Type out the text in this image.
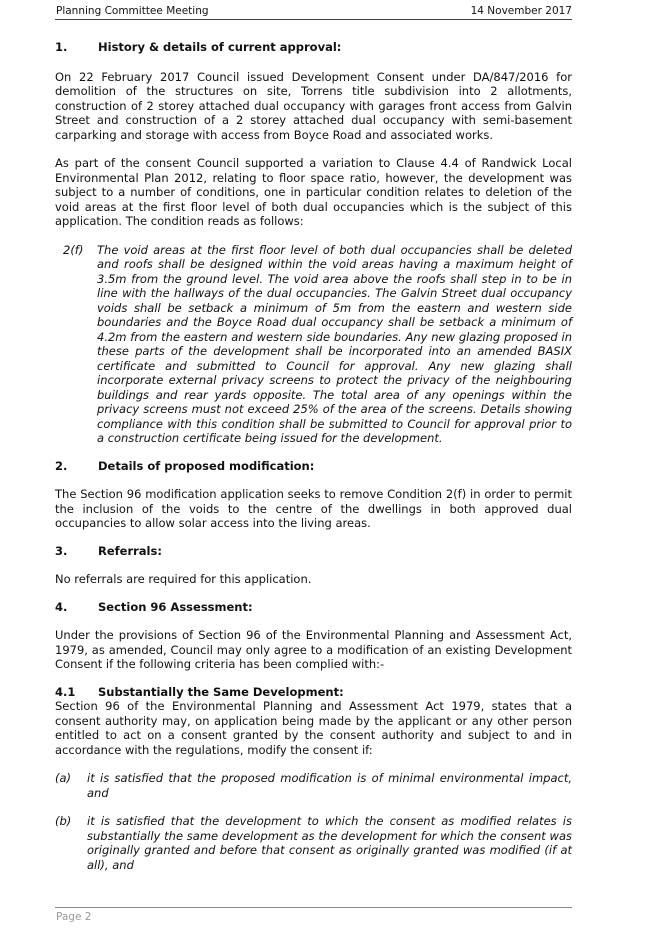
Planning Committee Meeting	14 November 2017
1.	History & details of current approval:

On 22 February 2017 Council issued Development Consent under DA/847/2016 for demolition of the structures on site, Torrens title subdivision into 2 allotments, construction of 2 storey attached dual occupancy with garages front access from Galvin Street and construction of a 2 storey attached dual occupancy with semi-basement carparking and storage with access from Boyce Road and associated works.

As part of the consent Council supported a variation to Clause 4.4 of Randwick Local Environmental Plan 2012, relating to floor space ratio, however, the development was subject to a number of conditions, one in particular condition relates to deletion of the void areas at the first floor level of both dual occupancies which is the subject of this application. The condition reads as follows:

2(f)	The void areas at the first floor level of both dual occupancies shall be deleted and roofs shall be designed within the void areas having a maximum height of 3.5m from the ground level. The void area above the roofs shall step in to be in line with the hallways of the dual occupancies. The Galvin Street dual occupancy voids shall be setback a minimum of 5m from the eastern and western side boundaries and the Boyce Road dual occupancy shall be setback a minimum of 4.2m from the eastern and western side boundaries. Any new glazing proposed in these parts of the development shall be incorporated into an amended BASIX certificate and submitted to Council for approval. Any new glazing shall incorporate external privacy screens to protect the privacy of the neighbouring buildings and rear yards opposite. The total area of any openings within the privacy screens must not exceed 25% of the area of the screens. Details showing compliance with this condition shall be submitted to Council for approval prior to a construction certificate being issued for the development.
2.	Details of proposed modification:

The Section 96 modification application seeks to remove Condition 2(f) in order to permit the inclusion of the voids to the centre of the dwellings in both approved dual occupancies to allow solar access into the living areas.

3.	Referrals:

No referrals are required for this application.

4.	Section 96 Assessment:

Under the provisions of Section 96 of the Environmental Planning and Assessment Act, 1979, as amended, Council may only agree to a modification of an existing Development Consent if the following criteria has been complied with:-

4.1	Substantially the Same Development:

Section 96 of the Environmental Planning and Assessment Act 1979, states that a consent authority may, on application being made by the applicant or any other person entitled to act on a consent granted by the consent authority and subject to and in accordance with the regulations, modify the consent if:

(a)	it is satisfied that the proposed modification is of minimal environmental impact, and
(b)	it is satisfied that the development to which the consent as modified relates is substantially the same development as the development for which the consent was originally granted and before that consent as originally granted was modified (if at all), and
Page 2
